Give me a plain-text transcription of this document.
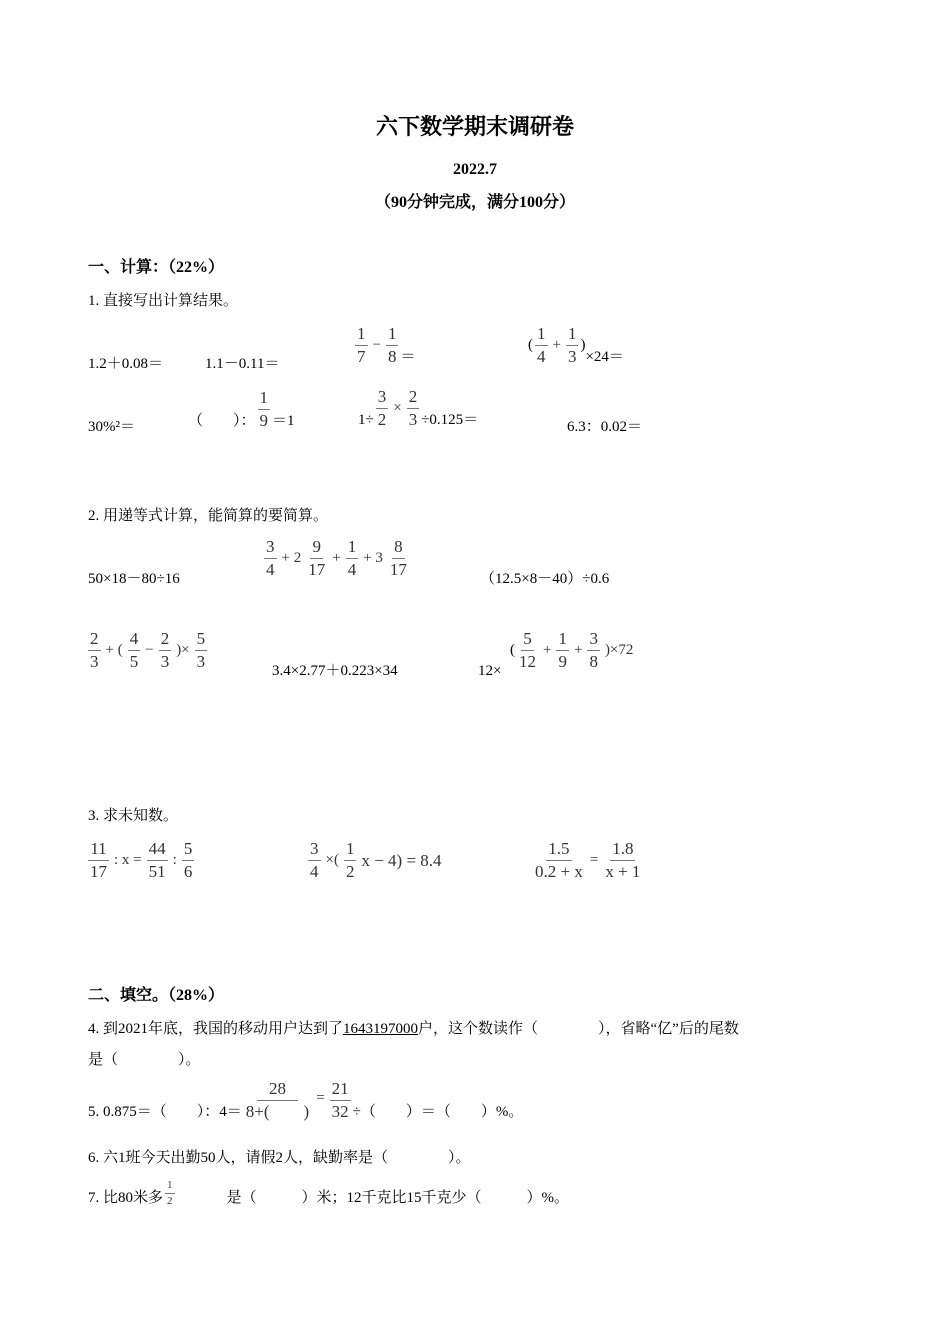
六下数学期末调研卷
2022.7
（90分钟完成，满分100分）
一、计算：（22%）
1. 直接写出计算结果。
1.2＋0.08＝	1.1－0.11＝	$\frac{1}{7} - \frac{1}{8}$ ＝
( $\frac{1}{4} + \frac{1}{3}$ )
×24＝
30%²＝	（　　）： $\frac{1}{9} =1$	$1\div \frac{3}{2} \times \frac{2}{3} \div 0.125=$	6.3：0.02＝
2. 用递等式计算，能简算的要简算。
50×18－80÷16	$\frac{3}{4} + 2 \frac{9}{17} + \frac{1}{4} + 3 \frac{8}{17}$	（12.5×8－40）÷0.6
$\frac{2}{3}$ + ( $\frac{4}{5} - \frac{2}{3}$ )× $\frac{5}{3}$	3.4×2.77＋0.223×34	12×
( $\frac{5}{12} + \frac{1}{9} + \frac{3}{8} )\times 72$
3. 求未知数。
$\frac{11}{17}$ : $x = \frac{44}{51}$ : $\frac{5}{6}$	$\frac{3}{4}$ ×( $\frac{1}{2}$ x − 4) = 8.4	$\frac{1.5}{0.2 + x} = \frac{1.8}{x + 1}$
二、填空。（28%）
4. 到2021年底，我国的移动用户达到了1643197000户，这个数读作（　　　　），省略“亿”后的尾数
是（　　　　）。
5. 0.875＝（　　）：$4= \frac{28}{8+( )} = \frac{21}{32}$ ÷（　　）＝（　　）%。
6. 六1班今天出勤50人，请假2人，缺勤率是（　　　　）。
7. 比80米多 $\frac{1}{2}$	是（　　　）米；12千克比15千克少（　　　）%。
